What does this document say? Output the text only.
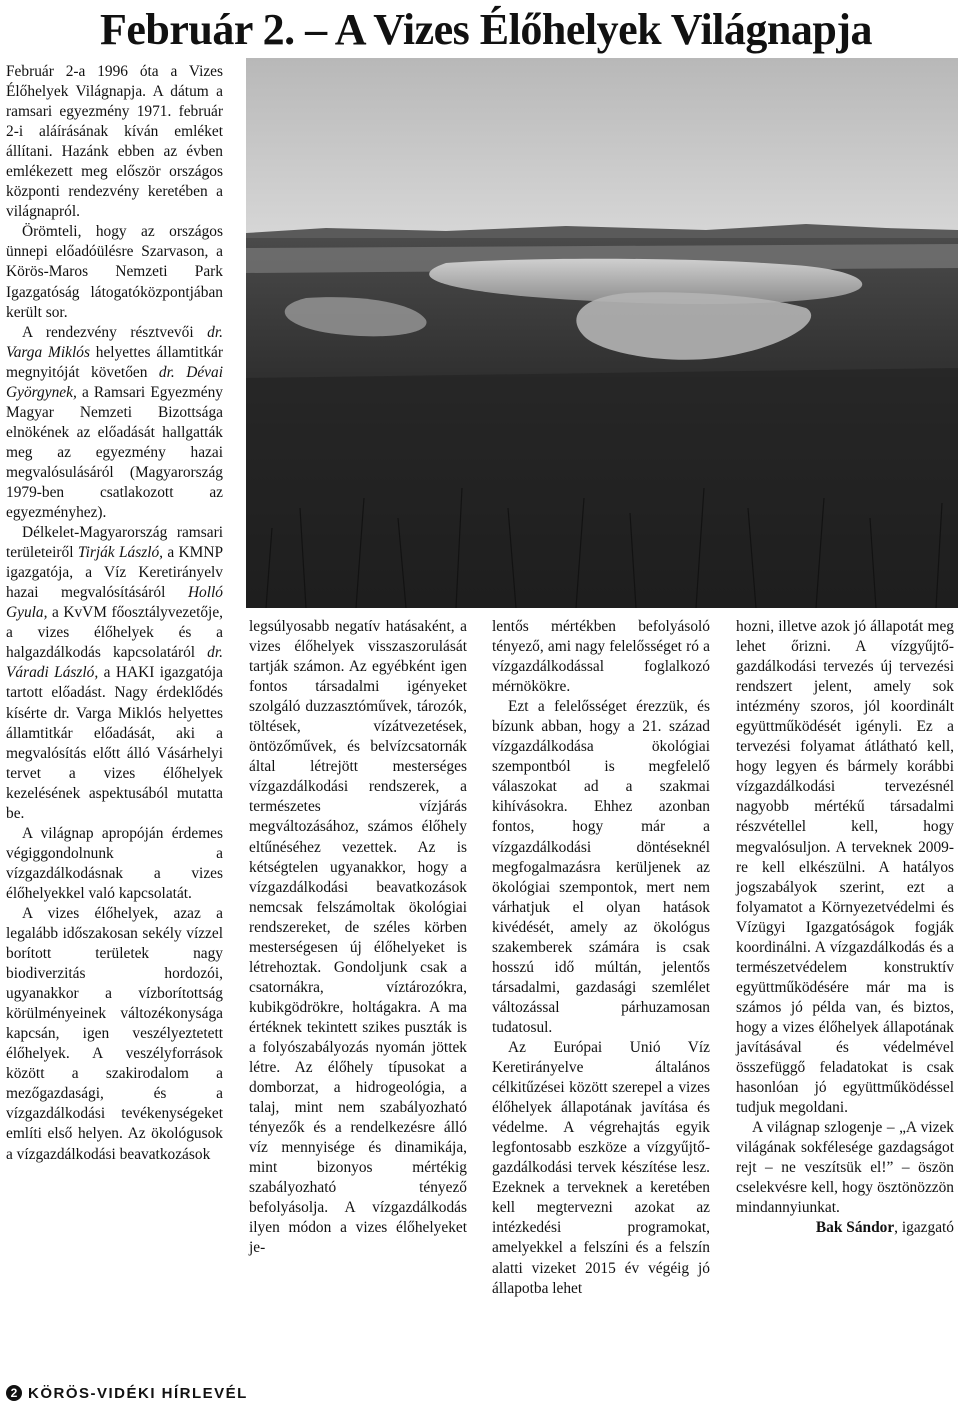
Február 2. – A Vizes Élőhelyek Világnapja

Február 2-a 1996 óta a Vizes Élőhelyek Világnapja. A dátum a ramsari egyezmény 1971. február 2-i aláírásának kíván emléket állítani. Hazánk ebben az évben emlékezett meg először országos központi rendezvény keretében a világnapról.

Örömteli, hogy az országos ünnepi előadóülésre Szarvason, a Körös-Maros Nemzeti Park Igazgatóság látogatóközpontjában került sor.

A rendezvény résztvevői dr. Varga Miklós helyettes államtitkár megnyitóját követően dr. Dévai Györgynek, a Ramsari Egyezmény Magyar Nemzeti Bizottsága elnökének az előadását hallgatták meg az egyezmény hazai megvalósulásáról (Magyarország 1979-ben csatlakozott az egyezményhez).

Délkelet-Magyarország ramsari területeiről Tirják László, a KMNP igazgatója, a Víz Keretirányelv hazai megvalósításáról Holló Gyula, a KvVM főosztályvezetője, a vizes élőhelyek és a halgazdálkodás kapcsolatáról dr. Váradi László, a HAKI igazgatója tartott előadást. Nagy érdeklődés kísérte dr. Varga Miklós helyettes államtitkár előadását, aki a megvalósítás előtt álló Vásárhelyi tervet a vizes élőhelyek kezelésének aspektusából mutatta be.

A világnap apropóján érdemes végiggondolnunk a vízgazdálkodásnak a vizes élőhelyekkel való kapcsolatát.

A vizes élőhelyek, azaz a legalább időszakosan sekély vízzel borított területek nagy biodiverzitás hordozói, ugyanakkor a vízborítottság körülményeinek változékonysága kapcsán, igen veszélyeztetett élőhelyek. A veszélyforrások között a szakirodalom a mezőgazdasági, és a vízgazdálkodási tevékenységeket említi első helyen. Az ökológusok a vízgazdálkodási beavatkozások

legsúlyosabb negatív hatásaként, a vizes élőhelyek visszaszorulását tartják számon. Az egyébként igen fontos társadalmi igényeket szolgáló duzzasztóművek, tározók, töltések, vízátvezetések, öntözőművek, és belvízcsatornák által létrejött mesterséges vízgazdálkodási rendszerek, a természetes vízjárás megváltozásához, számos élőhely eltűnéséhez vezettek. Az is kétségtelen ugyanakkor, hogy a vízgazdálkodási beavatkozások nemcsak felszámoltak ökológiai rendszereket, de széles körben mesterségesen új élőhelyeket is létrehoztak. Gondoljunk csak a csatornákra, víztározókra, kubikgödrökre, holtágakra. A ma értéknek tekintett szikes puszták is a folyószabályozás nyomán jöttek létre. Az élőhely típusokat a domborzat, a hidrogeológia, a talaj, mint nem szabályozható tényezők és a rendelkezésre álló víz mennyisége és dinamikája, mint bizonyos mértékig szabályozható tényező befolyásolja. A vízgazdálkodás ilyen módon a vizes élőhelyeket je-

lentős mértékben befolyásoló tényező, ami nagy felelősséget ró a vízgazdálkodással foglalkozó mérnökökre.

Ezt a felelősséget érezzük, és bízunk abban, hogy a 21. század vízgazdálkodása ökológiai szempontból is megfelelő válaszokat ad a szakmai kihívásokra. Ehhez azonban fontos, hogy már a vízgazdálkodási döntéseknél megfogalmazásra kerüljenek az ökológiai szempontok, mert nem várhatjuk el olyan hatások kivédését, amely az ökológus szakemberek számára is csak hosszú idő múltán, jelentős társadalmi, gazdasági szemlélet változással párhuzamosan tudatosul.

Az Európai Unió Víz Keretirányelve általános célkitűzései között szerepel a vizes élőhelyek állapotának javítása és védelme. A végrehajtás egyik legfontosabb eszköze a vízgyűjtő-gazdálkodási tervek készítése lesz. Ezeknek a terveknek a keretében kell megtervezni azokat az intézkedési programokat, amelyekkel a felszíni és a felszín alatti vizeket 2015 év végéig jó állapotba lehet

hozni, illetve azok jó állapotát meg lehet őrizni. A vízgyűjtő-gazdálkodási tervezés új tervezési rendszert jelent, amely sok intézmény szoros, jól koordinált együttműködését igényli. Ez a tervezési folyamat átlátható kell, hogy legyen és bármely korábbi vízgazdálkodási tervezésnél nagyobb mértékű társadalmi részvétellel kell, hogy megvalósuljon. A terveknek 2009-re kell elkészülni. A hatályos jogszabályok szerint, ezt a folyamatot a Környezetvédelmi és Vízügyi Igazgatóságok fogják koordinálni. A vízgazdálkodás és a természetvédelem konstruktív együttműködésére már ma is számos jó példa van, és biztos, hogy a vizes élőhelyek állapotának javításával és védelmével összefüggő feladatokat is csak hasonlóan jó együttműködéssel tudjuk megoldani.

A világnap szlogenje – „A vizek világának sokfélesége gazdagságot rejt – ne veszítsük el!” – öszön cselekvésre kell, hogy ösztönözzön mindannyiunkat.

Bak Sándor, igazgató

2 KÖRÖS-VIDÉKI HÍRLEVÉL
